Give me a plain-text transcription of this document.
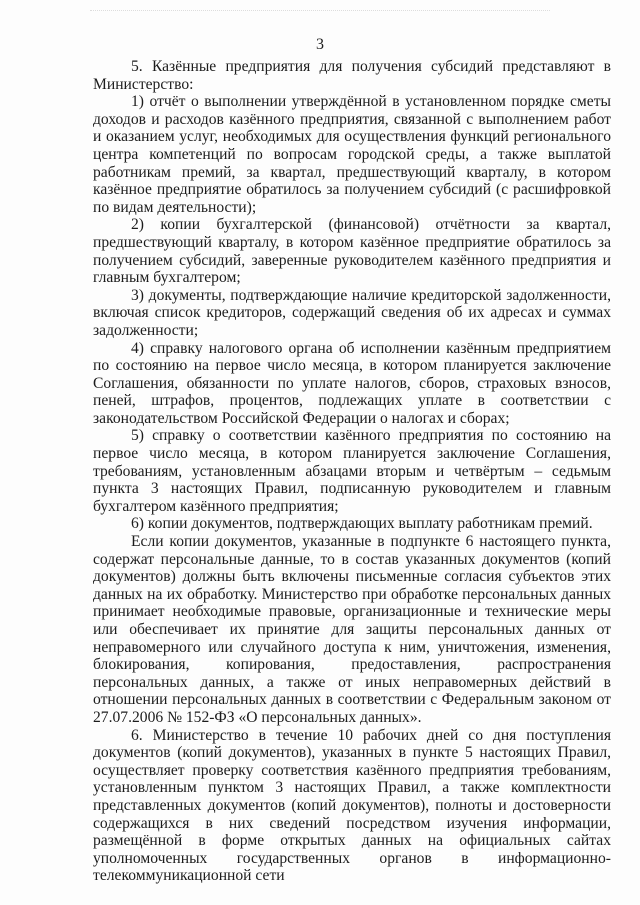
3

5. Казённые предприятия для получения субсидий представляют в Министерство:

1) отчёт о выполнении утверждённой в установленном порядке сметы доходов и расходов казённого предприятия, связанной с выполнением работ и оказанием услуг, необходимых для осуществления функций регионального центра компетенций по вопросам городской среды, а также выплатой работникам премий, за квартал, предшествующий кварталу, в котором казённое предприятие обратилось за получением субсидий (с расшифровкой по видам деятельности);

2) копии бухгалтерской (финансовой) отчётности за квартал, предшествующий кварталу, в котором казённое предприятие обратилось за получением субсидий, заверенные руководителем казённого предприятия и главным бухгалтером;

3) документы, подтверждающие наличие кредиторской задолженности, включая список кредиторов, содержащий сведения об их адресах и суммах задолженности;

4) справку налогового органа об исполнении казённым предприятием по состоянию на первое число месяца, в котором планируется заключение Соглашения, обязанности по уплате налогов, сборов, страховых взносов, пеней, штрафов, процентов, подлежащих уплате в соответствии с законодательством Российской Федерации о налогах и сборах;

5) справку о соответствии казённого предприятия по состоянию на первое число месяца, в котором планируется заключение Соглашения, требованиям, установленным абзацами вторым и четвёртым – седьмым пункта 3 настоящих Правил, подписанную руководителем и главным бухгалтером казённого предприятия;

6) копии документов, подтверждающих выплату работникам премий.

Если копии документов, указанные в подпункте 6 настоящего пункта, содержат персональные данные, то в состав указанных документов (копий документов) должны быть включены письменные согласия субъектов этих данных на их обработку. Министерство при обработке персональных данных принимает необходимые правовые, организационные и технические меры или обеспечивает их принятие для защиты персональных данных от неправомерного или случайного доступа к ним, уничтожения, изменения, блокирования, копирования, предоставления, распространения персональных данных, а также от иных неправомерных действий в отношении персональных данных в соответствии с Федеральным законом от 27.07.2006 № 152-ФЗ «О персональных данных».

6. Министерство в течение 10 рабочих дней со дня поступления документов (копий документов), указанных в пункте 5 настоящих Правил, осуществляет проверку соответствия казённого предприятия требованиям, установленным пунктом 3 настоящих Правил, а также комплектности представленных документов (копий документов), полноты и достоверности содержащихся в них сведений посредством изучения информации, размещённой в форме открытых данных на официальных сайтах уполномоченных государственных органов в информационно-телекоммуникационной сети
